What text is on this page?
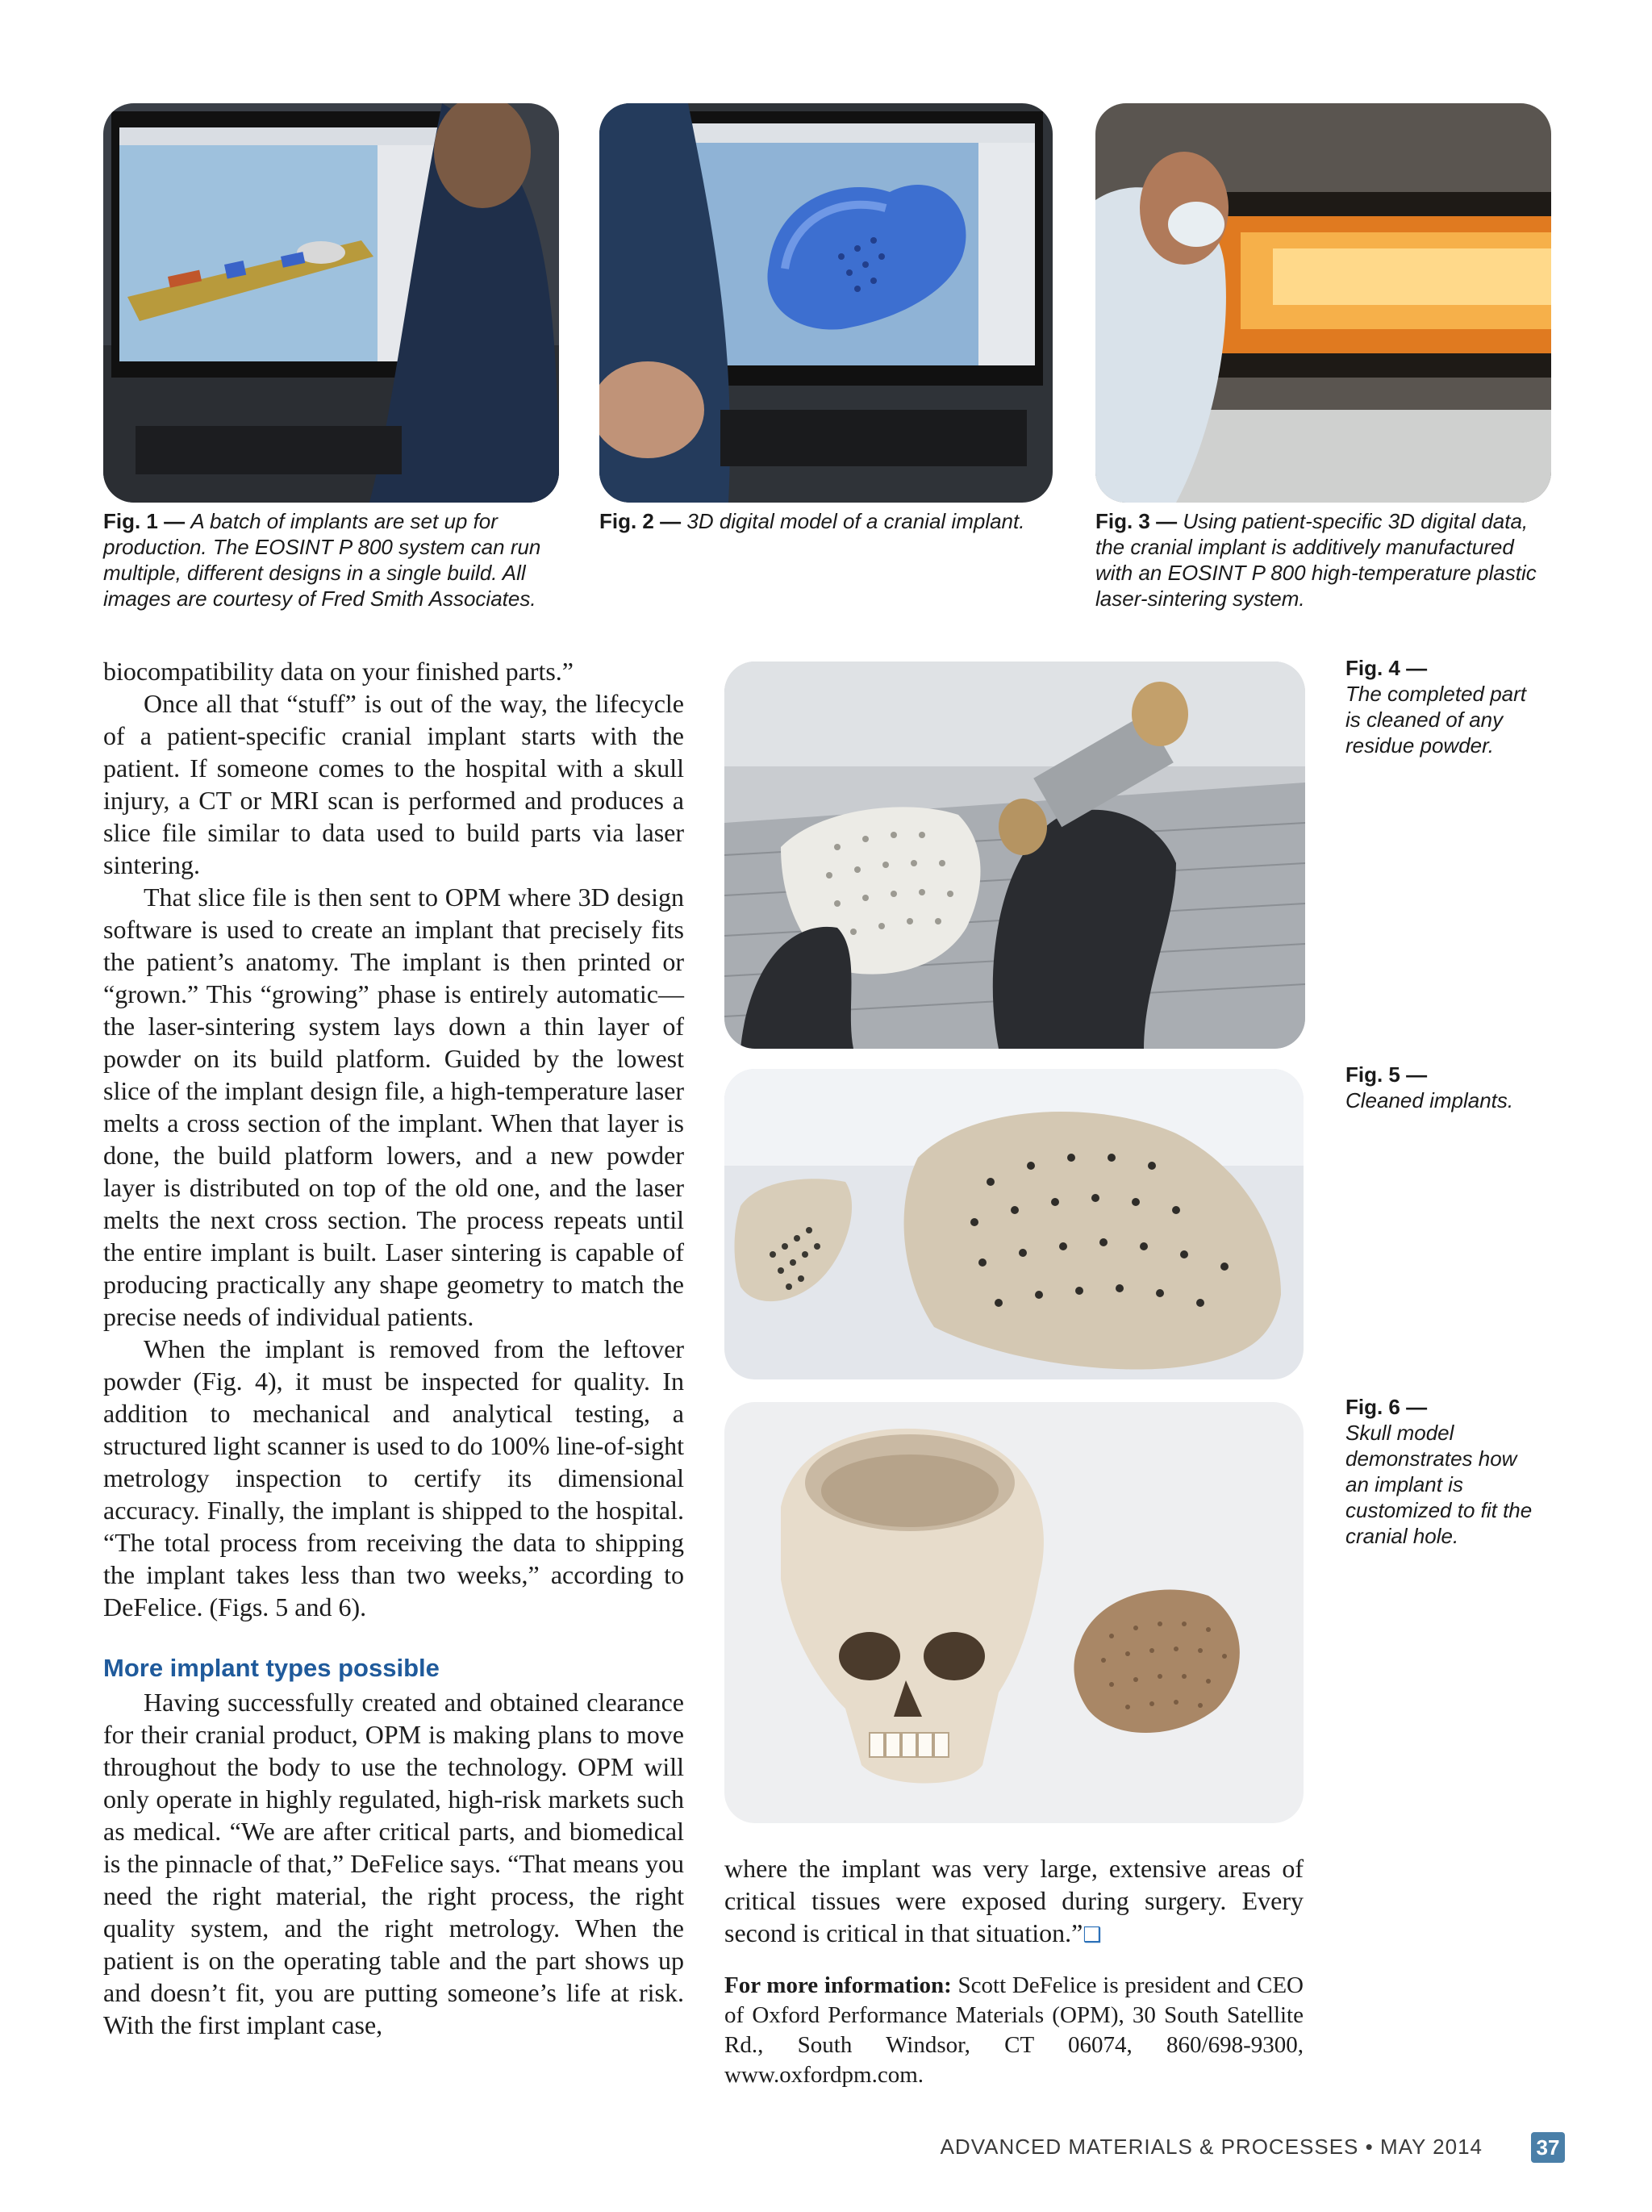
Fig. 1 — A batch of implants are set up for production. The EOSINT P 800 system can run multiple, different designs in a single build. All images are courtesy of Fred Smith Associates.
Fig. 2 — 3D digital model of a cranial implant.	Fig. 3 — Using patient-specific 3D digital data, the cranial implant is additively manufactured with an EOSINT P 800 high-temperature plastic laser-sintering system.
Fig. 4 —
The completed part is cleaned of any residue powder.
Fig. 5 —
Cleaned implants.
Fig. 6 —
Skull model demonstrates how an implant is customized to fit the cranial hole.

biocompatibility data on your finished parts.”

Once all that “stuff” is out of the way, the lifecycle of a patient-specific cranial implant starts with the patient. If someone comes to the hospital with a skull injury, a CT or MRI scan is performed and produces a slice file similar to data used to build parts via laser sintering.

That slice file is then sent to OPM where 3D design software is used to create an implant that precisely fits the patient’s anatomy. The implant is then printed or “grown.” This “growing” phase is entirely automatic—the laser-sintering system lays down a thin layer of powder on its build platform. Guided by the lowest slice of the implant design file, a high-temperature laser melts a cross section of the implant. When that layer is done, the build platform lowers, and a new powder layer is distributed on top of the old one, and the laser melts the next cross section. The process repeats until the entire implant is built. Laser sintering is capable of producing practically any shape geometry to match the precise needs of individual patients.

When the implant is removed from the leftover powder (Fig. 4), it must be inspected for quality. In addition to mechanical and analytical testing, a structured light scanner is used to do 100% line-of-sight metrology inspection to certify its dimensional accuracy. Finally, the implant is shipped to the hospital. “The total process from receiving the data to shipping the implant takes less than two weeks,” according to DeFelice. (Figs. 5 and 6).

More implant types possible

Having successfully created and obtained clearance for their cranial product, OPM is making plans to move throughout the body to use the technology. OPM will only operate in highly regulated, high-risk markets such as medical. “We are after critical parts, and biomedical is the pinnacle of that,” DeFelice says. “That means you need the right material, the right process, the right quality system, and the right metrology. When the patient is on the operating table and the part shows up and doesn’t fit, you are putting someone’s life at risk. With the first implant case,

where the implant was very large, extensive areas of critical tissues were exposed during surgery. Every second is critical in that situation.”❑

For more information: Scott DeFelice is president and CEO of Oxford Performance Materials (OPM), 30 South Satellite Rd., South Windsor, CT 06074, 860/698-9300, www.oxfordpm.com.

ADVANCED MATERIALS & PROCESSES • MAY 2014	37
